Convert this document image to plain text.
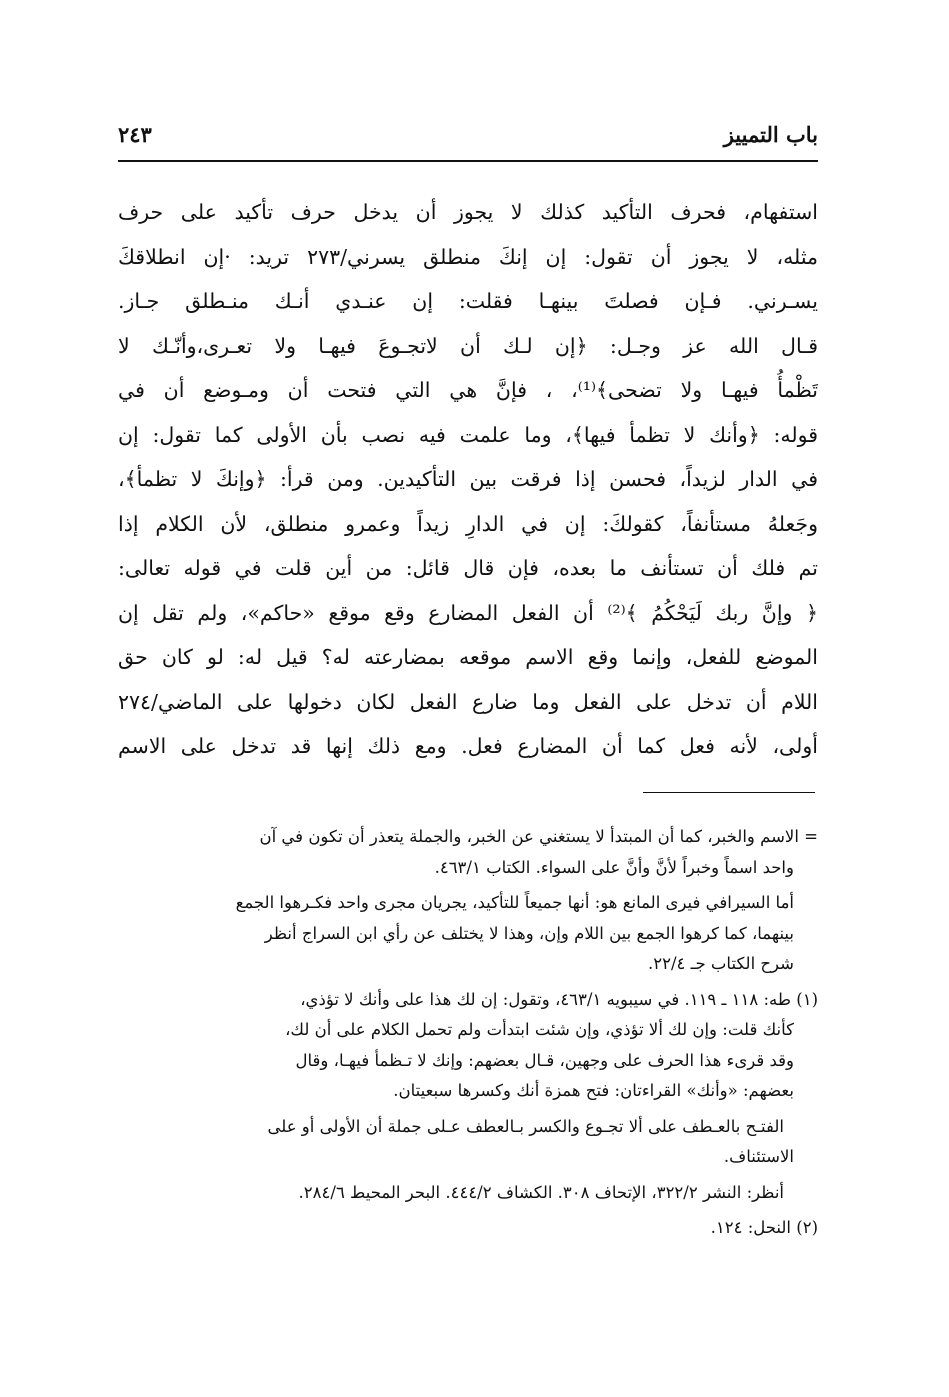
باب التمييز
٢٤٣
استفهام، فحرف التأكيد كذلك لا يجوز أن يدخل حرف تأكيد على حرف
مثله، لا يجوز أن تقول: إن إنكَ منطلق يسرني/٢٧٣ تريد: ·إن انطلاقكَ
يسـرني. فـإن فصلتَ بينهـا فقلت: إن عنـدي أنـك منـطلق جـاز.
قـال الله عز وجـل: ﴿إن لـك أن لاتجـوعَ فيهـا ولا تعـرى،وأنّـك لا
تَظْمأُ فيهـا ولا تضحى﴾⁽¹⁾، ، فإنَّ هي التي فتحت أن ومـوضع أن في
قوله: ﴿وأنك لا تظمأ فيها﴾، وما علمت فيه نصب بأن الأولى كما تقول: إن
في الدار لزيداً، فحسن إذا فرقت بين التأكيدين. ومن قرأ: ﴿وإنكَ لا تظمأ﴾،
وجَعلهُ مستأنفاً، كقولكَ: إن في الدارِ زيداً وعمرو منطلق، لأن الكلام إذا
تم فلك أن تستأنف ما بعده، فإن قال قائل: من أين قلت في قوله تعالى:
﴿ وإنَّ ربك لَيَحْكُمُ ﴾⁽²⁾ أن الفعل المضارع وقع موقع «حاكم»، ولم تقل إن
الموضع للفعل، وإنما وقع الاسم موقعه بمضارعته له؟ قيل له: لو كان حق
اللام أن تدخل على الفعل وما ضارع الفعل لكان دخولها على الماضي/٢٧٤
أولى، لأنه فعل كما أن المضارع فعل. ومع ذلك إنها قد تدخل على الاسم
= الاسم والخبر، كما أن المبتدأ لا يستغني عن الخبر، والجملة يتعذر أن تكون في آن
واحد اسماً وخبراً لأنَّ وأنَّ على السواء. الكتاب ٤٦٣/١.
أما السيرافي فيرى المانع هو: أنها جميعاً للتأكيد، يجريان مجرى واحد فكـرهوا الجمع
بينهما، كما كرهوا الجمع بين اللام وإن، وهذا لا يختلف عن رأي ابن السراج أنظر
شرح الكتاب جـ ٢٢/٤.
(١) طه: ١١٨ ـ ١١٩. في سيبويه ٤٦٣/١، وتقول: إن لك هذا على وأنك لا تؤذي،
كأنك قلت: وإن لك ألا تؤذي، وإن شئت ابتدأت ولم تحمل الكلام على أن لك،
وقد قرىء هذا الحرف على وجهين، قـال بعضهم: وإنك لا تـظمأ فيهـا، وقال
بعضهم: «وأنك» القراءتان: فتح همزة أنك وكسرها سبعيتان.
الفتـح بالعـطف على ألا تجـوع والكسر بـالعطف عـلى جملة أن الأولى أو على
الاستئناف.
أنظر: النشر ٣٢٢/٢، الإتحاف ٣٠٨. الكشاف ٤٤٤/٢. البحر المحيط ٢٨٤/٦.
(٢) النحل: ١٢٤.
